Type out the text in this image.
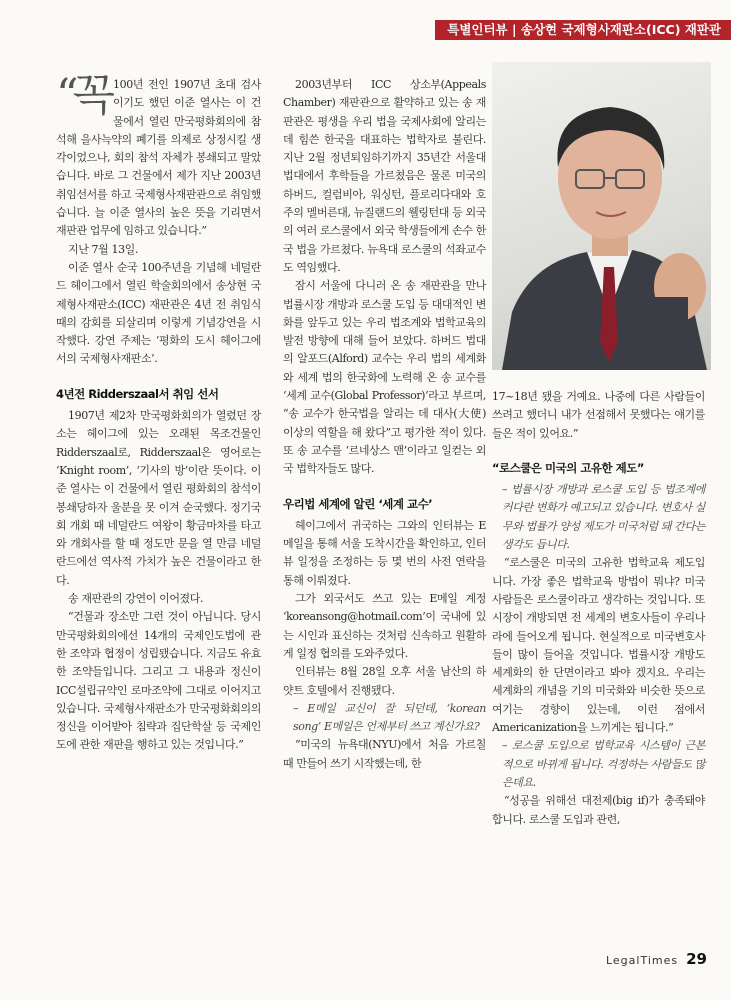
특별인터뷰 | 송상현 국제형사재판소(ICC) 재판관

“꼭 100년 전인 1907년 초대 검사이기도 했던 이준 열사는 이 건물에서 열린 만국평화회의에 참석해 을사늑약의 폐기를 의제로 상정시킬 생각이었으나, 회의 참석 자체가 봉쇄되고 말았습니다. 바로 그 건물에서 제가 지난 2003년 취임선서를 하고 국제형사재판관으로 취임했습니다. 늘 이준 열사의 높은 뜻을 기리면서 재판관 업무에 임하고 있습니다.”

지난 7월 13일.

이준 열사 순국 100주년을 기념해 네덜란드 헤이그에서 열린 학술회의에서 송상현 국제형사재판소(ICC) 재판관은 4년 전 취임식 때의 감회를 되살리며 이렇게 기념강연을 시작했다. 강연 주제는 ‘평화의 도시 헤이그에서의 국제형사재판소’.

4년전 Ridderszaal서 취임 선서

1907년 제2차 만국평화회의가 열렸던 장소는 헤이그에 있는 오래된 목조건물인 Ridderszaal로, Ridderszaal은 영어로는 ‘Knight room’, ‘기사의 방’이란 뜻이다. 이준 열사는 이 건물에서 열린 평화회의 참석이 봉쇄당하자 울분을 못 이겨 순국했다. 정기국회 개회 때 네덜란드 여왕이 황금마차를 타고 와 개회사를 할 때 정도만 문을 열 만큼 네덜란드에선 역사적 가치가 높은 건물이라고 한다.

송 재판관의 강연이 이어졌다.

“건물과 장소만 그런 것이 아닙니다. 당시 만국평화회의에선 14개의 국제인도법에 관한 조약과 협정이 성립됐습니다. 지금도 유효한 조약들입니다. 그리고 그 내용과 정신이 ICC설립규약인 로마조약에 그대로 이어지고 있습니다. 국제형사재판소가 만국평화회의의 정신을 이어받아 침략과 집단학살 등 국제인도에 관한 재판을 행하고 있는 것입니다.”

2003년부터 ICC 상소부(Appeals Chamber) 재판관으로 활약하고 있는 송 재판관은 평생을 우리 법을 국제사회에 알리는 데 힘쓴 한국을 대표하는 법학자로 불린다. 지난 2월 정년퇴임하기까지 35년간 서울대 법대에서 후학들을 가르쳤음은 물론 미국의 하버드, 컬럼비아, 워싱턴, 플로리다대와 호주의 멜버른대, 뉴질랜드의 웰링턴대 등 외국의 여러 로스쿨에서 외국 학생들에게 손수 한국 법을 가르쳤다. 뉴욕대 로스쿨의 석좌교수도 역임했다.

잠시 서울에 다니러 온 송 재판관을 만나 법률시장 개방과 로스쿨 도입 등 대대적인 변화를 앞두고 있는 우리 법조계와 법학교육의 발전 방향에 대해 들어 보았다. 하버드 법대의 알포드(Alford) 교수는 우리 법의 세계화와 세계 법의 한국화에 노력해 온 송 교수를 ‘세계 교수(Global Professor)’라고 부르며, “송 교수가 한국법을 알리는 데 대사(大使) 이상의 역할을 해 왔다”고 평가한 적이 있다. 또 송 교수를 ‘르네상스 맨’이라고 일컫는 외국 법학자들도 많다.

우리법 세계에 알린 ‘세계 교수’

헤이그에서 귀국하는 그와의 인터뷰는 E메일을 통해 서울 도착시간을 확인하고, 인터뷰 일정을 조정하는 등 몇 번의 사전 연락을 통해 이뤄졌다.

그가 외국서도 쓰고 있는 E메일 계정 ‘koreansong@hotmail.com’이 국내에 있는 시인과 표신하는 것처럼 신속하고 원활하게 일정 협의를 도와주었다.

인터뷰는 8월 28일 오후 서울 남산의 하얏트 호텔에서 진행됐다.

– E메일 교신이 잘 되던데, ‘korean song’ E메일은 언제부터 쓰고 계신가요?

“미국의 뉴욕대(NYU)에서 처음 가르칠 때 만들어 쓰기 시작했는데, 한

17~18년 됐을 거예요. 나중에 다른 사람들이 쓰려고 했더니 내가 선점해서 못했다는 얘기를 들은 적이 있어요.”

“로스쿨은 미국의 고유한 제도”

– 법률시장 개방과 로스쿨 도입 등 법조계에 커다란 변화가 예고되고 있습니다. 변호사 실무와 법률가 양성 제도가 미국처럼 돼 간다는 생각도 듭니다.

“로스쿨은 미국의 고유한 법학교육 제도입니다. 가장 좋은 법학교육 방법이 뭐냐? 미국 사람들은 로스쿨이라고 생각하는 것입니다. 또 시장이 개방되면 전 세계의 변호사들이 우리나라에 들어오게 됩니다. 현실적으로 미국변호사들이 많이 들어올 것입니다. 법률시장 개방도 세계화의 한 단면이라고 봐야 겠지요. 우리는 세계화의 개념을 기의 미국화와 비슷한 뜻으로 여기는 경향이 있는데, 이런 점에서 Americanization을 느끼게는 됩니다.”

– 로스쿨 도입으로 법학교육 시스템이 근본적으로 바뀌게 됩니다. 걱정하는 사람들도 많은데요.

“성공을 위해선 대전제(big if)가 충족돼야 합니다. 로스쿨 도입과 관련,

LegalTimes 29
